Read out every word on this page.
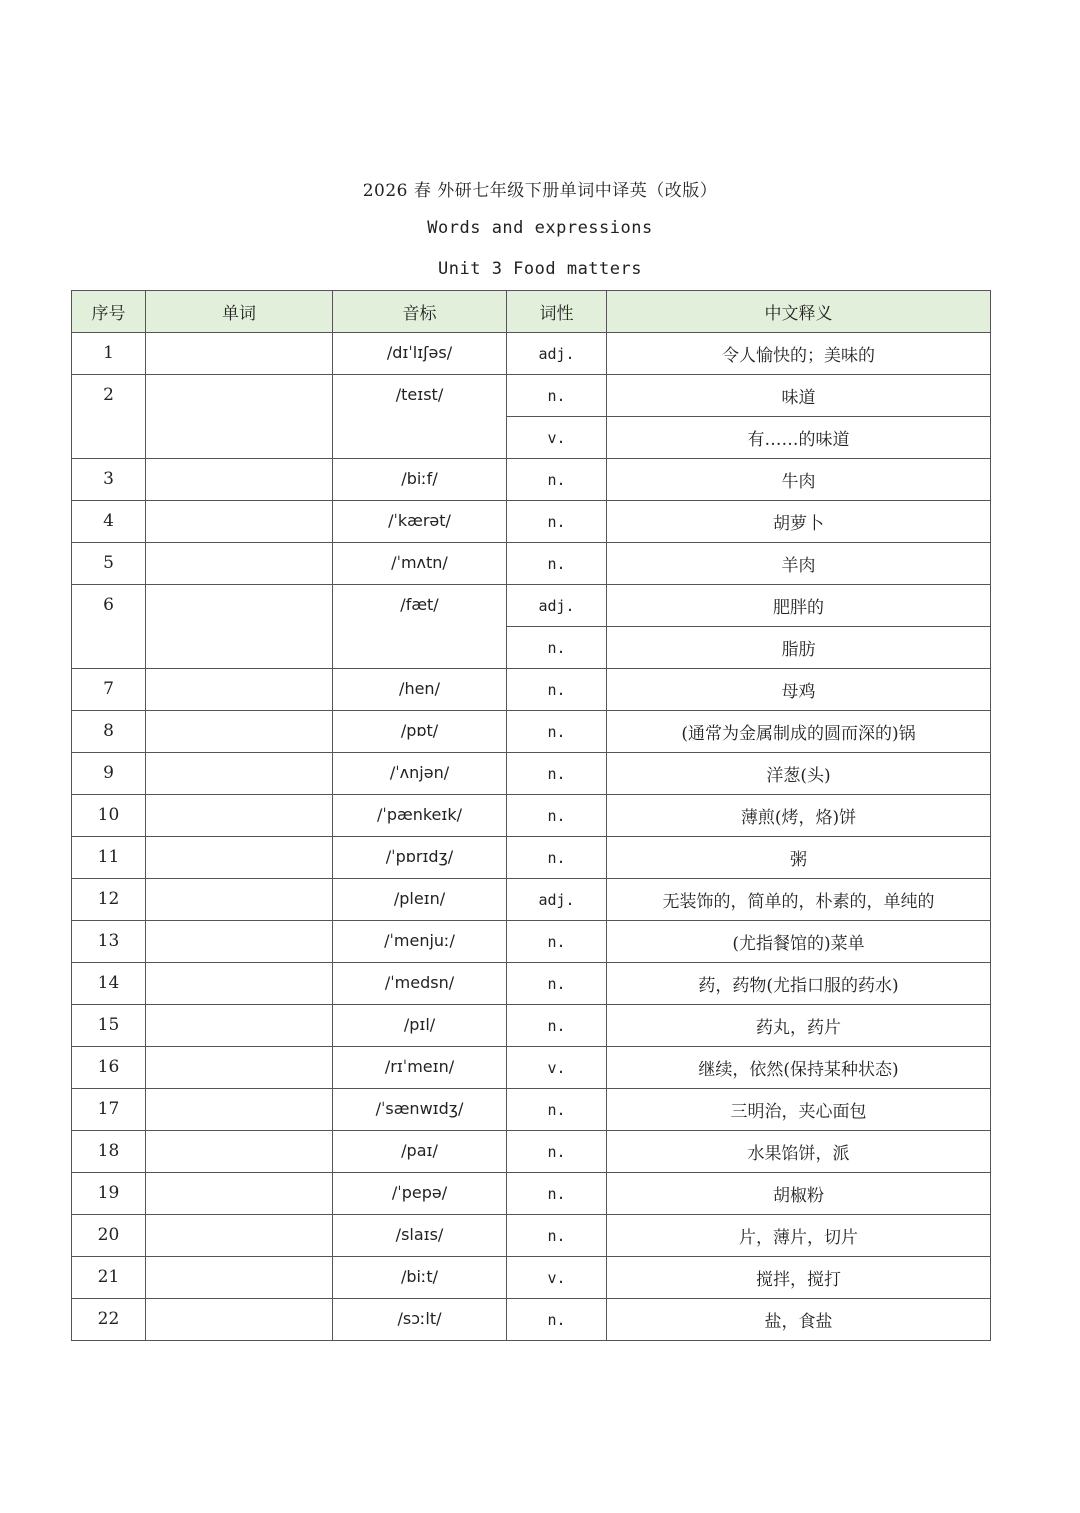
2026 春 外研七年级下册单词中译英（改版）
Words and expressions
Unit 3 Food matters
序号	单词	音标	词性	中文释义
1		/dɪˈlɪʃəs/	adj.	令人愉快的；美味的
2		/teɪst/	n.	味道
			v.	有……的味道
3		/biːf/	n.	牛肉
4		/ˈkærət/	n.	胡萝卜
5		/ˈmʌtn/	n.	羊肉
6		/fæt/	adj.	肥胖的
			n.	脂肪
7		/hen/	n.	母鸡
8		/pɒt/	n.	(通常为金属制成的圆而深的)锅
9		/ˈʌnjən/	n.	洋葱(头)
10		/ˈpænkeɪk/	n.	薄煎(烤，烙)饼
11		/ˈpɒrɪdʒ/	n.	粥
12		/pleɪn/	adj.	无装饰的，简单的，朴素的，单纯的
13		/ˈmenjuː/	n.	(尤指餐馆的)菜单
14		/ˈmedsn/	n.	药，药物(尤指口服的药水)
15		/pɪl/	n.	药丸，药片
16		/rɪˈmeɪn/	v.	继续，依然(保持某种状态)
17		/ˈsænwɪdʒ/	n.	三明治，夹心面包
18		/paɪ/	n.	水果馅饼，派
19		/ˈpepə/	n.	胡椒粉
20		/slaɪs/	n.	片，薄片，切片
21		/biːt/	v.	搅拌，搅打
22		/sɔːlt/	n.	盐，食盐
